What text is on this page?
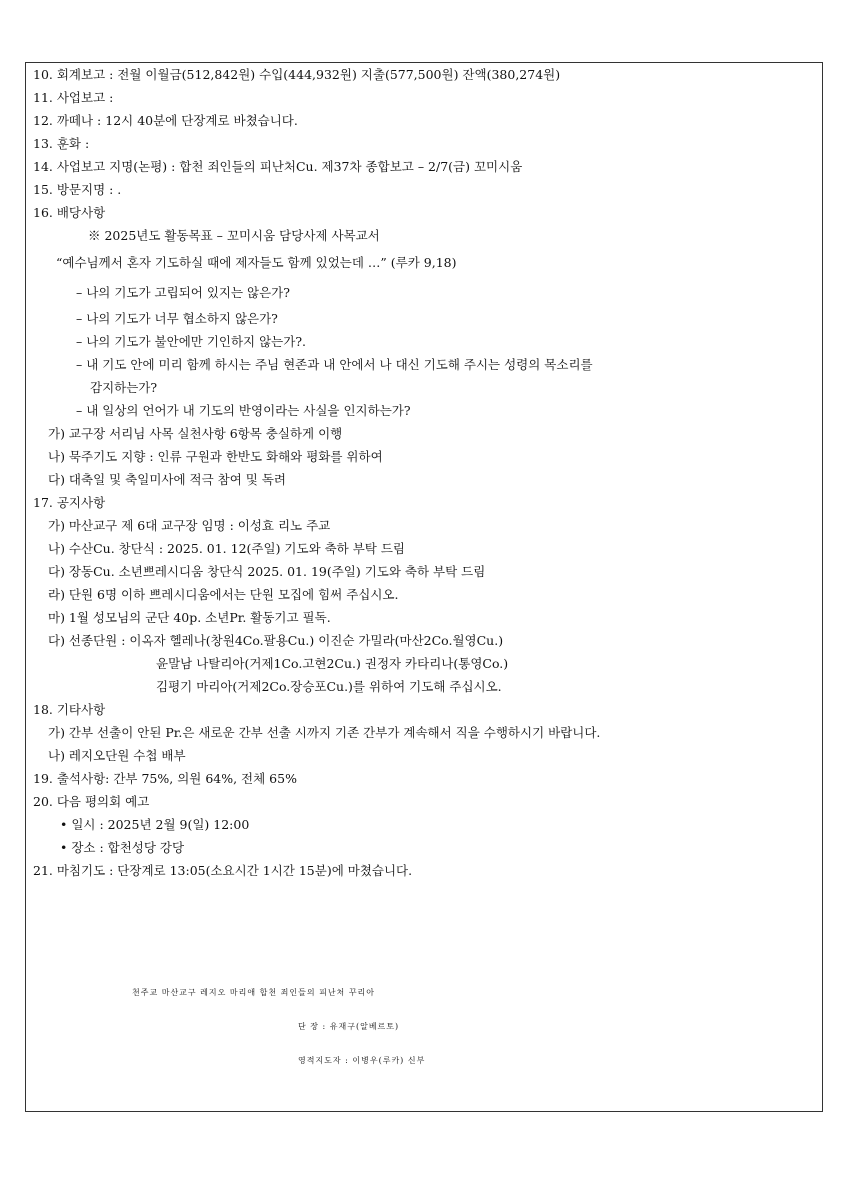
10. 회계보고 : 전월 이월금(512,842원) 수입(444,932원) 지출(577,500원) 잔액(380,274원)
11. 사업보고 :
12. 까떼나 : 12시 40분에 단장계로 바쳤습니다.
13. 훈화 :
14. 사업보고 지명(논평) : 합천 죄인들의 피난처Cu. 제37차 종합보고 – 2/7(금) 꼬미시움
15. 방문지명 : .
16. 배당사항
※ 2025년도 활동목표 – 꼬미시움 담당사제 사목교서
“예수님께서 혼자 기도하실 때에 제자들도 함께 있었는데 …” (루카 9,18)
– 나의 기도가 고립되어 있지는 않은가?
– 나의 기도가 너무 협소하지 않은가?
– 나의 기도가 불안에만 기인하지 않는가?.
– 내 기도 안에 미리 함께 하시는 주님 현존과 내 안에서 나 대신 기도해 주시는 성령의 목소리를
감지하는가?
– 내 일상의 언어가 내 기도의 반영이라는 사실을 인지하는가?
가) 교구장 서리님 사목 실천사항 6항목 충실하게 이행
나) 묵주기도 지향 : 인류 구원과 한반도 화해와 평화를 위하여
다) 대축일 및 축일미사에 적극 참여 및 독려
17. 공지사항
가) 마산교구 제 6대 교구장 임명 : 이성효 리노 주교
나) 수산Cu. 창단식 : 2025. 01. 12(주일) 기도와 축하 부탁 드림
다) 장동Cu. 소년쁘레시디움 창단식 2025. 01. 19(주일) 기도와 축하 부탁 드림
라) 단원 6명 이하 쁘레시디움에서는 단원 모집에 힘써 주십시오.
마) 1월 성모님의 군단 40p. 소년Pr. 활동기고 필독.
다) 선종단원 : 이옥자 헬레나(창원4Co.팔용Cu.) 이진순 가밀라(마산2Co.월영Cu.)
윤말남 나탈리아(거제1Co.고현2Cu.) 권정자 카타리나(통영Co.)
김평기 마리아(거제2Co.장승포Cu.)를 위하여 기도해 주십시오.
18. 기타사항
가) 간부 선출이 안된 Pr.은 새로운 간부 선출 시까지 기존 간부가 계속해서 직을 수행하시기 바랍니다.
나) 레지오단원 수첩 배부
19. 출석사항: 간부 75%, 의원 64%, 전체 65%
20. 다음 평의회 예고
• 일시 : 2025년 2월 9(일) 12:00
• 장소 : 합천성당 강당
21. 마침기도 : 단장계로 13:05(소요시간 1시간 15분)에 마쳤습니다.
천주교 마산교구 레지오 마리애 합천 죄인들의 피난처 꾸리아
단 장 : 유재구(알베르토)
영적지도자 : 이병우(루카) 신부
